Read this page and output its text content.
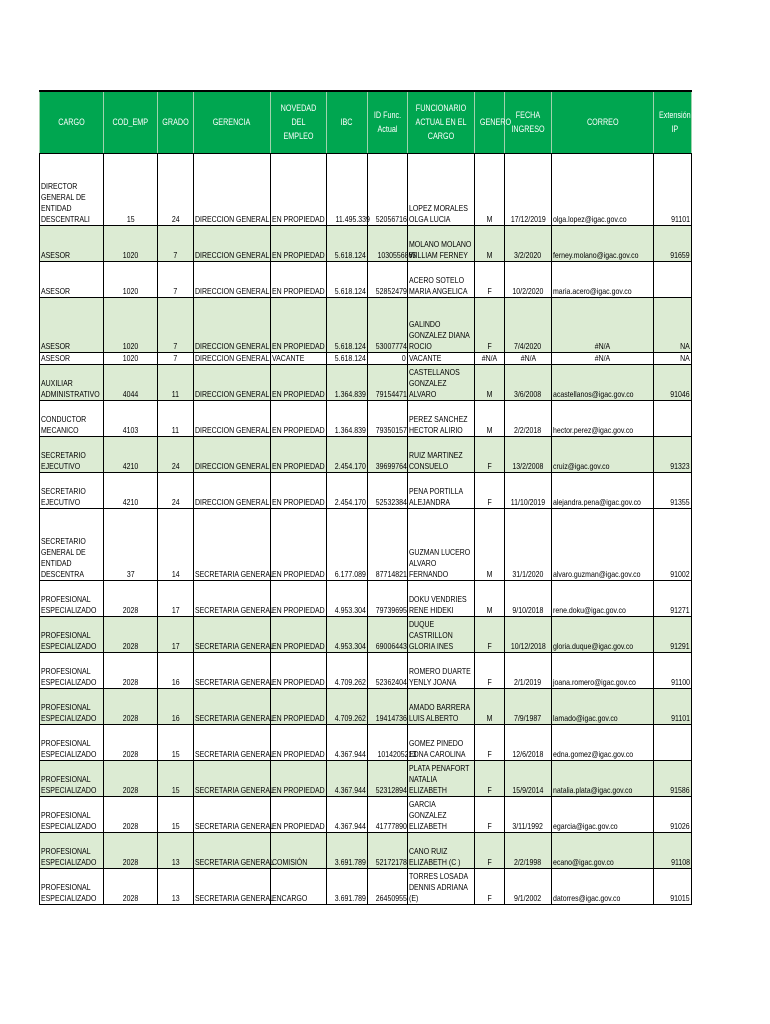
CARGO	COD_EMP	GRADO	GERENCIA	NOVEDAD DEL EMPLEO	IBC	ID Func. Actual	FUNCIONARIO ACTUAL EN EL CARGO	GENERO	FECHA INGRESO	CORREO	Extensión IP

DIRECTOR GENERAL DE ENTIDAD DESCENTRALI	15	24	DIRECCION GENERAL	EN PROPIEDAD	11.495.339	52056716	LOPEZ MORALES OLGA LUCIA	M	17/12/2019	olga.lopez@igac.gov.co	91101

ASESOR	1020	7	DIRECCION GENERAL	EN PROPIEDAD	5.618.124	1030556865	MOLANO MOLANO WILLIAM FERNEY	M	3/2/2020	ferney.molano@igac.gov.co	91659

ASESOR	1020	7	DIRECCION GENERAL	EN PROPIEDAD	5.618.124	52852479	ACERO SOTELO MARIA ANGELICA	F	10/2/2020	maria.acero@igac.gov.co	

ASESOR	1020	7	DIRECCION GENERAL	EN PROPIEDAD	5.618.124	53007774	GALINDO GONZALEZ DIANA ROCIO	F	7/4/2020	#N/A	NA

ASESOR	1020	7	DIRECCION GENERAL	VACANTE	5.618.124	0	VACANTE	#N/A	#N/A	#N/A	NA

AUXILIAR ADMINISTRATIVO	4044	11	DIRECCION GENERAL	EN PROPIEDAD	1.364.839	79154471	CASTELLANOS GONZALEZ ALVARO	M	3/6/2008	acastellanos@igac.gov.co	91046

CONDUCTOR MECANICO	4103	11	DIRECCION GENERAL	EN PROPIEDAD	1.364.839	79350157	PEREZ SANCHEZ HECTOR ALIRIO	M	2/2/2018	hector.perez@igac.gov.co	

SECRETARIO EJECUTIVO	4210	24	DIRECCION GENERAL	EN PROPIEDAD	2.454.170	39699764	RUIZ MARTINEZ CONSUELO	F	13/2/2008	cruiz@igac.gov.co	91323

SECRETARIO EJECUTIVO	4210	24	DIRECCION GENERAL	EN PROPIEDAD	2.454.170	52532384	PENA PORTILLA ALEJANDRA	F	11/10/2019	alejandra.pena@igac.gov.co	91355

SECRETARIO GENERAL DE ENTIDAD DESCENTRA	37	14	SECRETARIA GENERAL	EN PROPIEDAD	6.177.089	87714821	GUZMAN LUCERO ALVARO FERNANDO	M	31/1/2020	alvaro.guzman@igac.gov.co	91002

PROFESIONAL ESPECIALIZADO	2028	17	SECRETARIA GENERAL	EN PROPIEDAD	4.953.304	79739695	DOKU VENDRIES RENE HIDEKI	M	9/10/2018	rene.doku@igac.gov.co	91271

PROFESIONAL ESPECIALIZADO	2028	17	SECRETARIA GENERAL	EN PROPIEDAD	4.953.304	69006443	DUQUE CASTRILLON GLORIA INES	F	10/12/2018	gloria.duque@igac.gov.co	91291

PROFESIONAL ESPECIALIZADO	2028	16	SECRETARIA GENERAL	EN PROPIEDAD	4.709.262	52362404	ROMERO DUARTE YENLY JOANA	F	2/1/2019	joana.romero@igac.gov.co	91100

PROFESIONAL ESPECIALIZADO	2028	16	SECRETARIA GENERAL	EN PROPIEDAD	4.709.262	19414736	AMADO BARRERA LUIS ALBERTO	M	7/9/1987	lamado@igac.gov.co	91101

PROFESIONAL ESPECIALIZADO	2028	15	SECRETARIA GENERAL	EN PROPIEDAD	4.367.944	1014205213	GOMEZ PINEDO EDNA CAROLINA	F	12/6/2018	edna.gomez@igac.gov.co	

PROFESIONAL ESPECIALIZADO	2028	15	SECRETARIA GENERAL	EN PROPIEDAD	4.367.944	52312894	PLATA PENAFORT NATALIA ELIZABETH	F	15/9/2014	natalia.plata@igac.gov.co	91586

PROFESIONAL ESPECIALIZADO	2028	15	SECRETARIA GENERAL	EN PROPIEDAD	4.367.944	41777890	GARCIA GONZALEZ ELIZABETH	F	3/11/1992	egarcia@igac.gov.co	91026

PROFESIONAL ESPECIALIZADO	2028	13	SECRETARIA GENERAL	COMISIÓN	3.691.789	52172178	CANO RUIZ ELIZABETH (C )	F	2/2/1998	ecano@igac.gov.co	91108

PROFESIONAL ESPECIALIZADO	2028	13	SECRETARIA GENERAL	ENCARGO	3.691.789	26450955	TORRES LOSADA DENNIS ADRIANA (E)	F	9/1/2002	datorres@igac.gov.co	91015
